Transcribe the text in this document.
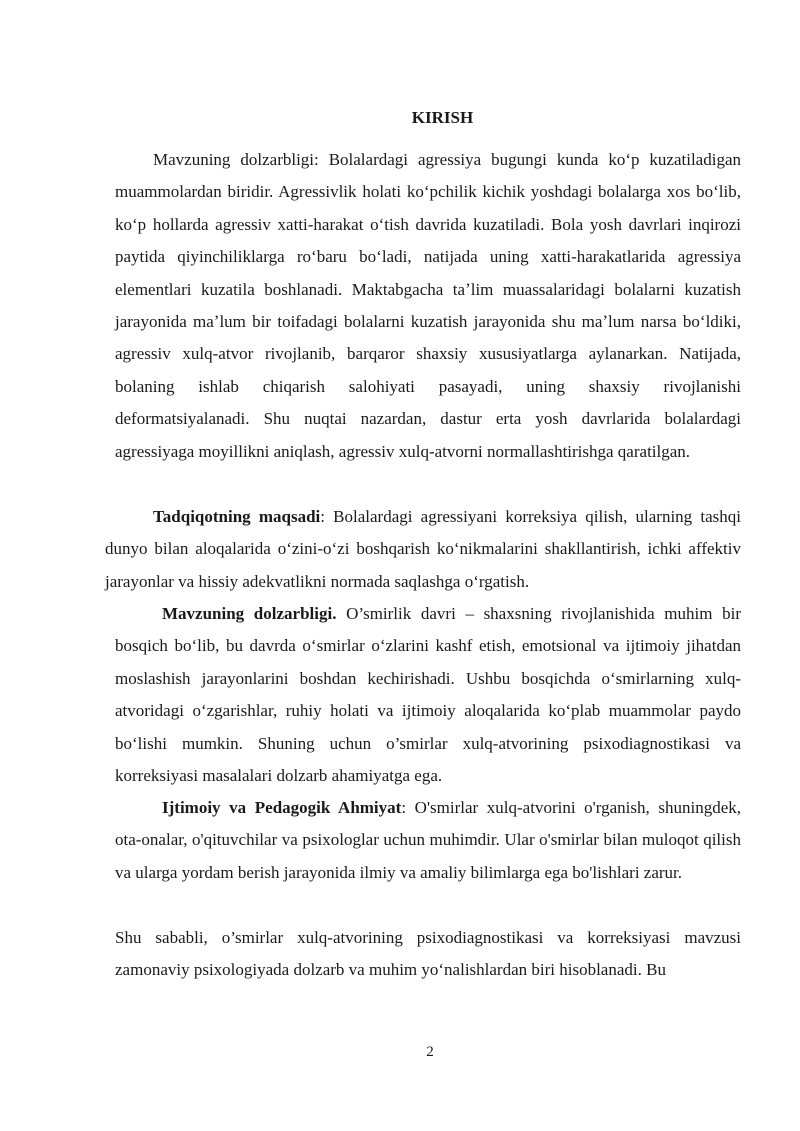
KIRISH

Mavzuning dolzarbligi: Bolalardagi agressiya bugungi kunda koʻp kuzatiladigan muammolardan biridir. Agressivlik holati koʻpchilik kichik yoshdagi bolalarga xos boʻlib, koʻp hollarda agressiv xatti-harakat oʻtish davrida kuzatiladi. Bola yosh davrlari inqirozi paytida qiyinchiliklarga roʻbaru boʻladi, natijada uning xatti-harakatlarida agressiya elementlari kuzatila boshlanadi. Maktabgacha taʼlim muassalaridagi bolalarni kuzatish jarayonida maʼlum bir toifadagi bolalarni kuzatish jarayonida shu maʼlum narsa boʻldiki, agressiv xulq-atvor rivojlanib, barqaror shaxsiy xususiyatlarga aylanarkan. Natijada, bolaning ishlab chiqarish salohiyati pasayadi, uning shaxsiy rivojlanishi deformatsiyalanadi. Shu nuqtai nazardan, dastur erta yosh davrlarida bolalardagi agressiyaga moyillikni aniqlash, agressiv xulq-atvorni normallashtirishga qaratilgan.

Tadqiqotning maqsadi: Bolalardagi agressiyani korreksiya qilish, ularning tashqi dunyo bilan aloqalarida oʻzini-oʻzi boshqarish koʻnikmalarini shakllantirish, ichki affektiv jarayonlar va hissiy adekvatlikni normada saqlashga oʻrgatish.

Mavzuning dolzarbligi. O’smirlik davri – shaxsning rivojlanishida muhim bir bosqich boʻlib, bu davrda oʻsmirlar oʻzlarini kashf etish, emotsional va ijtimoiy jihatdan moslashish jarayonlarini boshdan kechirishadi. Ushbu bosqichda oʻsmirlarning xulq-atvoridagi oʻzgarishlar, ruhiy holati va ijtimoiy aloqalarida koʻplab muammolar paydo boʻlishi mumkin. Shuning uchun o’smirlar xulq-atvorining psixodiagnostikasi va korreksiyasi masalalari dolzarb ahamiyatga ega.

Ijtimoiy va Pedagogik Ahmiyat: O'smirlar xulq-atvorini o'rganish, shuningdek, ota-onalar, o'qituvchilar va psixologlar uchun muhimdir. Ular o'smirlar bilan muloqot qilish va ularga yordam berish jarayonida ilmiy va amaliy bilimlarga ega bo'lishlari zarur.

Shu sababli, o’smirlar xulq-atvorining psixodiagnostikasi va korreksiyasi mavzusi zamonaviy psixologiyada dolzarb va muhim yoʻnalishlardan biri hisoblanadi. Bu

2
